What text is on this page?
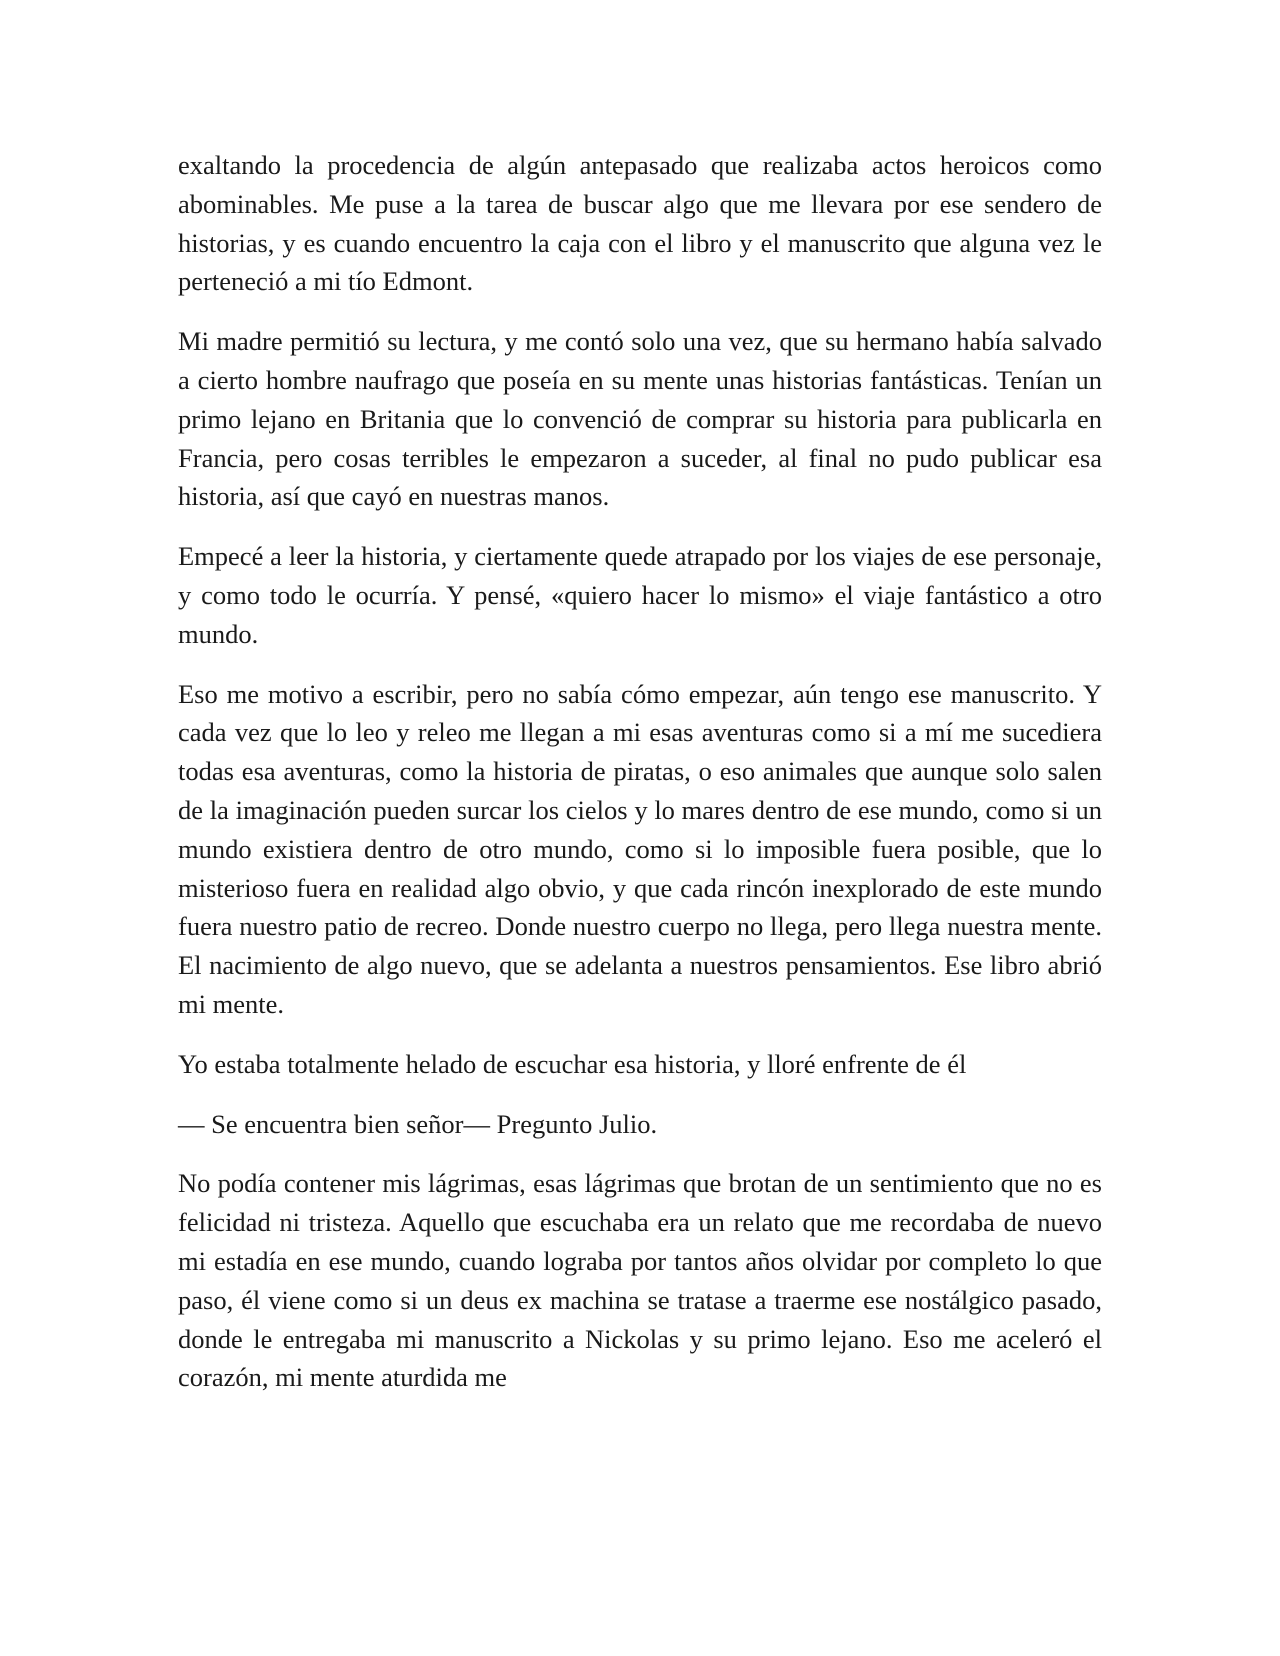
exaltando la procedencia de algún antepasado que realizaba actos heroicos como abominables. Me puse a la tarea de buscar algo que me llevara por ese sendero de historias, y es cuando encuentro la caja con el libro y el manuscrito que alguna vez le perteneció a mi tío Edmont.

Mi madre permitió su lectura, y me contó solo una vez, que su hermano había salvado a cierto hombre naufrago que poseía en su mente unas historias fantásticas. Tenían un primo lejano en Britania que lo convenció de comprar su historia para publicarla en Francia, pero cosas terribles le empezaron a suceder, al final no pudo publicar esa historia, así que cayó en nuestras manos.

Empecé a leer la historia, y ciertamente quede atrapado por los viajes de ese personaje, y como todo le ocurría. Y pensé, «quiero hacer lo mismo» el viaje fantástico a otro mundo.

Eso me motivo a escribir, pero no sabía cómo empezar, aún tengo ese manuscrito. Y cada vez que lo leo y releo me llegan a mi esas aventuras como si a mí me sucediera todas esa aventuras, como la historia de piratas, o eso animales que aunque solo salen de la imaginación pueden surcar los cielos y lo mares dentro de ese mundo, como si un mundo existiera dentro de otro mundo, como si lo imposible fuera posible, que lo misterioso fuera en realidad algo obvio, y que cada rincón inexplorado de este mundo fuera nuestro patio de recreo. Donde nuestro cuerpo no llega, pero llega nuestra mente. El nacimiento de algo nuevo, que se adelanta a nuestros pensamientos. Ese libro abrió mi mente.

Yo estaba totalmente helado de escuchar esa historia, y lloré enfrente de él

— Se encuentra bien señor— Pregunto Julio.

No podía contener mis lágrimas, esas lágrimas que brotan de un sentimiento que no es felicidad ni tristeza. Aquello que escuchaba era un relato que me recordaba de nuevo mi estadía en ese mundo, cuando lograba por tantos años olvidar por completo lo que paso, él viene como si un deus ex machina se tratase a traerme ese nostálgico pasado, donde le entregaba mi manuscrito a Nickolas y su primo lejano. Eso me aceleró el corazón, mi mente aturdida me
